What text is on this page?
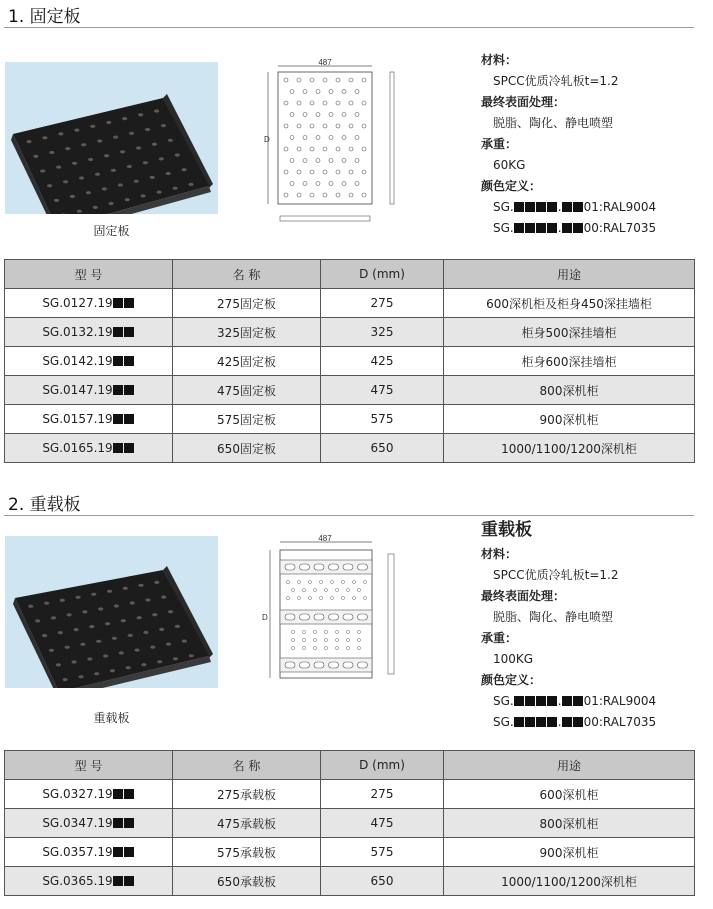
1. 固定板
固定板
487
D
材料：
SPCC优质冷轧板t=1.2
最终表面处理：
脱脂、陶化、静电喷塑
承重：
60KG
颜色定义：
SG.	. 01:RAL9004
SG.	. 00:RAL7035
型 号	名 称	D (mm)	用途
SG.0127.19	275固定板	275	600深机柜及柜身450深挂墙柜
SG.0132.19	325固定板	325	柜身500深挂墙柜
SG.0142.19	425固定板	425	柜身600深挂墙柜
SG.0147.19	475固定板	475	800深机柜
SG.0157.19	575固定板	575	900深机柜
SG.0165.19	650固定板	650	1000/1100/1200深机柜
2. 重载板
重载板
487
D
重载板
材料：
SPCC优质冷轧板t=1.2
最终表面处理：
脱脂、陶化、静电喷塑
承重：
100KG
颜色定义：
SG.	. 01:RAL9004
SG.	. 00:RAL7035
型 号	名 称	D (mm)	用途
SG.0327.19	275承载板	275	600深机柜
SG.0347.19	475承载板	475	800深机柜
SG.0357.19	575承载板	575	900深机柜
SG.0365.19	650承载板	650	1000/1100/1200深机柜
